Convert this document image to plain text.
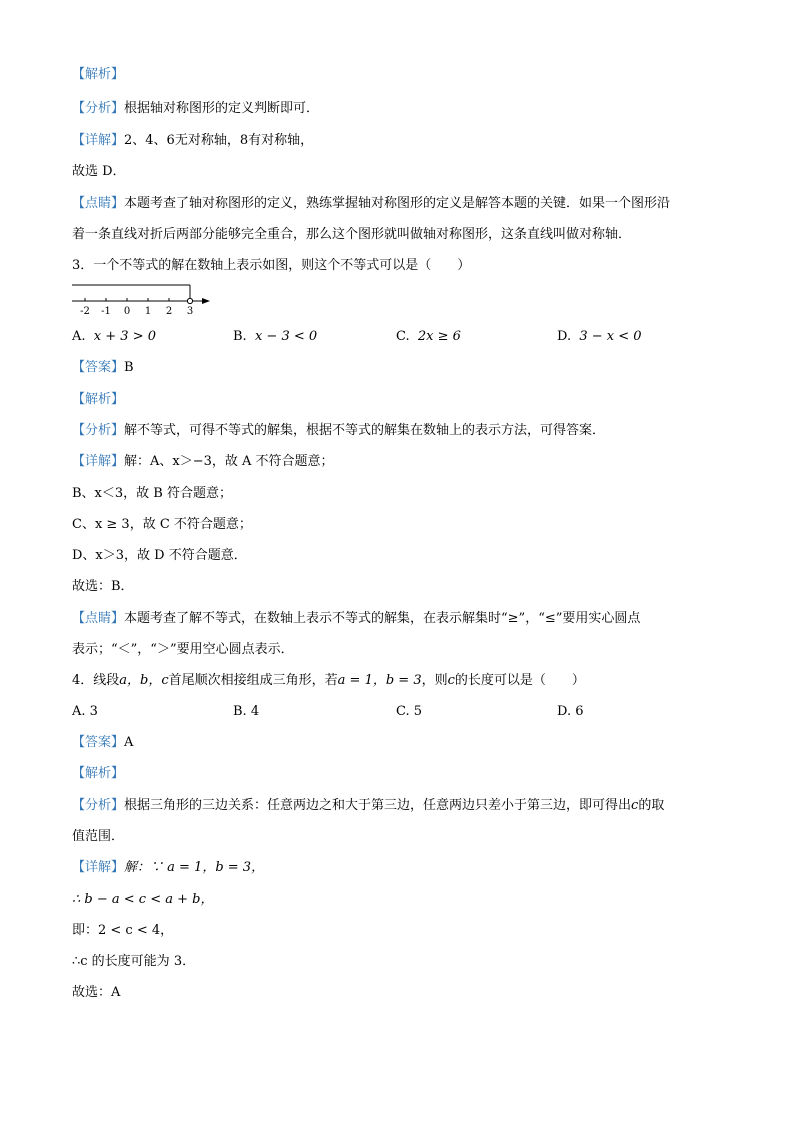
【解析】
【分析】根据轴对称图形的定义判断即可．
【详解】2、4、6无对称轴，8有对称轴，
故选 D．
【点睛】本题考查了轴对称图形的定义，熟练掌握轴对称图形的定义是解答本题的关键．如果一个图形沿
着一条直线对折后两部分能够完全重合，那么这个图形就叫做轴对称图形，这条直线叫做对称轴．
3．一个不等式的解在数轴上表示如图，则这个不等式可以是（　　）
-2 -1 0 1 2 3
A. x + 3 > 0	B. x − 3 < 0	C. 2x ≥ 6	D. 3 − x < 0
【答案】B
【解析】
【分析】解不等式，可得不等式的解集，根据不等式的解集在数轴上的表示方法，可得答案．
【详解】解：A、x＞−3，故 A 不符合题意；
B、x＜3，故 B 符合题意；
C、x ≥ 3，故 C 不符合题意；
D、x＞3，故 D 不符合题意．
故选：B．
【点睛】本题考查了解不等式，在数轴上表示不等式的解集，在表示解集时“≥”，“≤”要用实心圆点
表示；“＜”，“＞”要用空心圆点表示．
4．线段a，b，c首尾顺次相接组成三角形，若a = 1，b = 3，则c的长度可以是（　　）
A. 3	B. 4	C. 5	D. 6
【答案】A
【解析】
【分析】根据三角形的三边关系：任意两边之和大于第三边，任意两边只差小于第三边，即可得出c的取
值范围．
【详解】解：∵ a = 1，b = 3，
∴ b − a < c < a + b，
即：2 < c < 4，
∴c 的长度可能为 3．
故选：A
